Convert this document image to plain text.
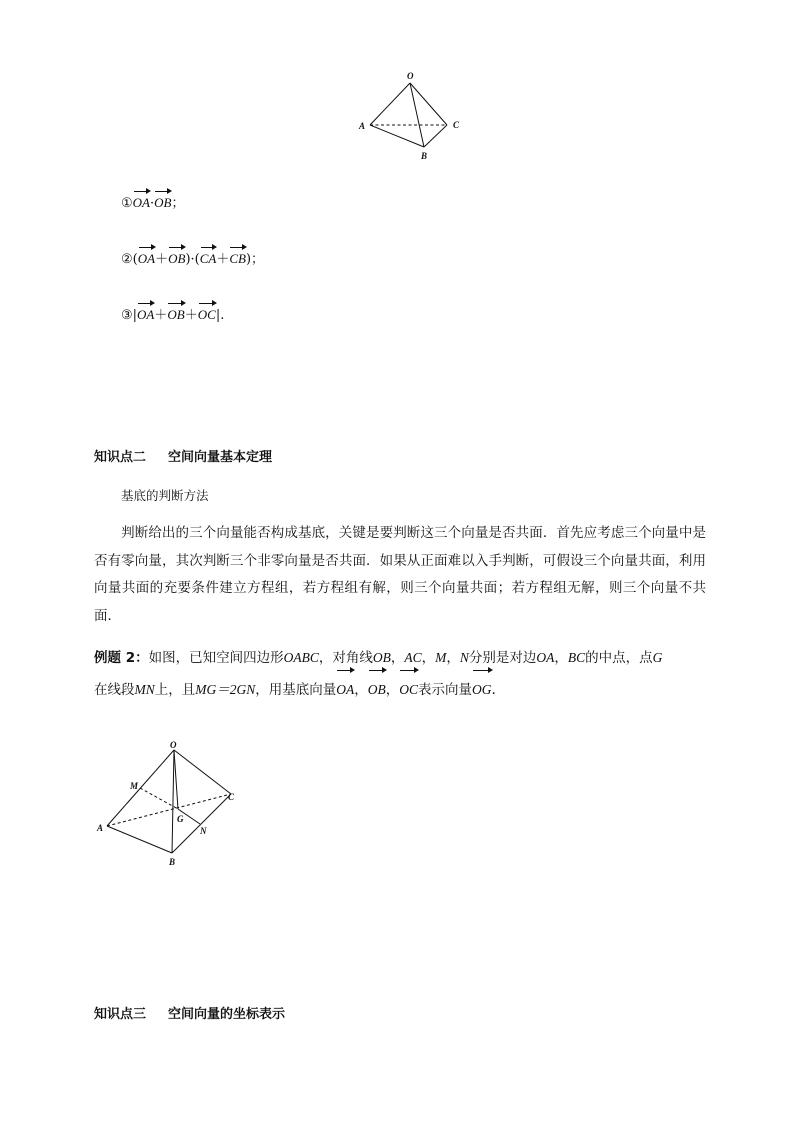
O
A	C
B
①OA·OB；
②(OA＋OB)·(CA＋CB)；
③|OA＋OB＋OC|.
知识点二 空间向量基本定理
基底的判断方法
判断给出的三个向量能否构成基底，关键是要判断这三个向量是否共面．首先应考虑三个向量中是否有零向量，其次判断三个非零向量是否共面．如果从正面难以入手判断，可假设三个向量共面，利用向量共面的充要条件建立方程组，若方程组有解，则三个向量共面；若方程组无解，则三个向量不共面．
例题 2：如图，已知空间四边形OABC，对角线OB，AC，M，N分别是对边OA，BC的中点，点G
在线段MN上，且MG＝2GN，用基底向量OA，OB，OC表示向量OG.
O
M
C
A
G
N
B
知识点三 空间向量的坐标表示
